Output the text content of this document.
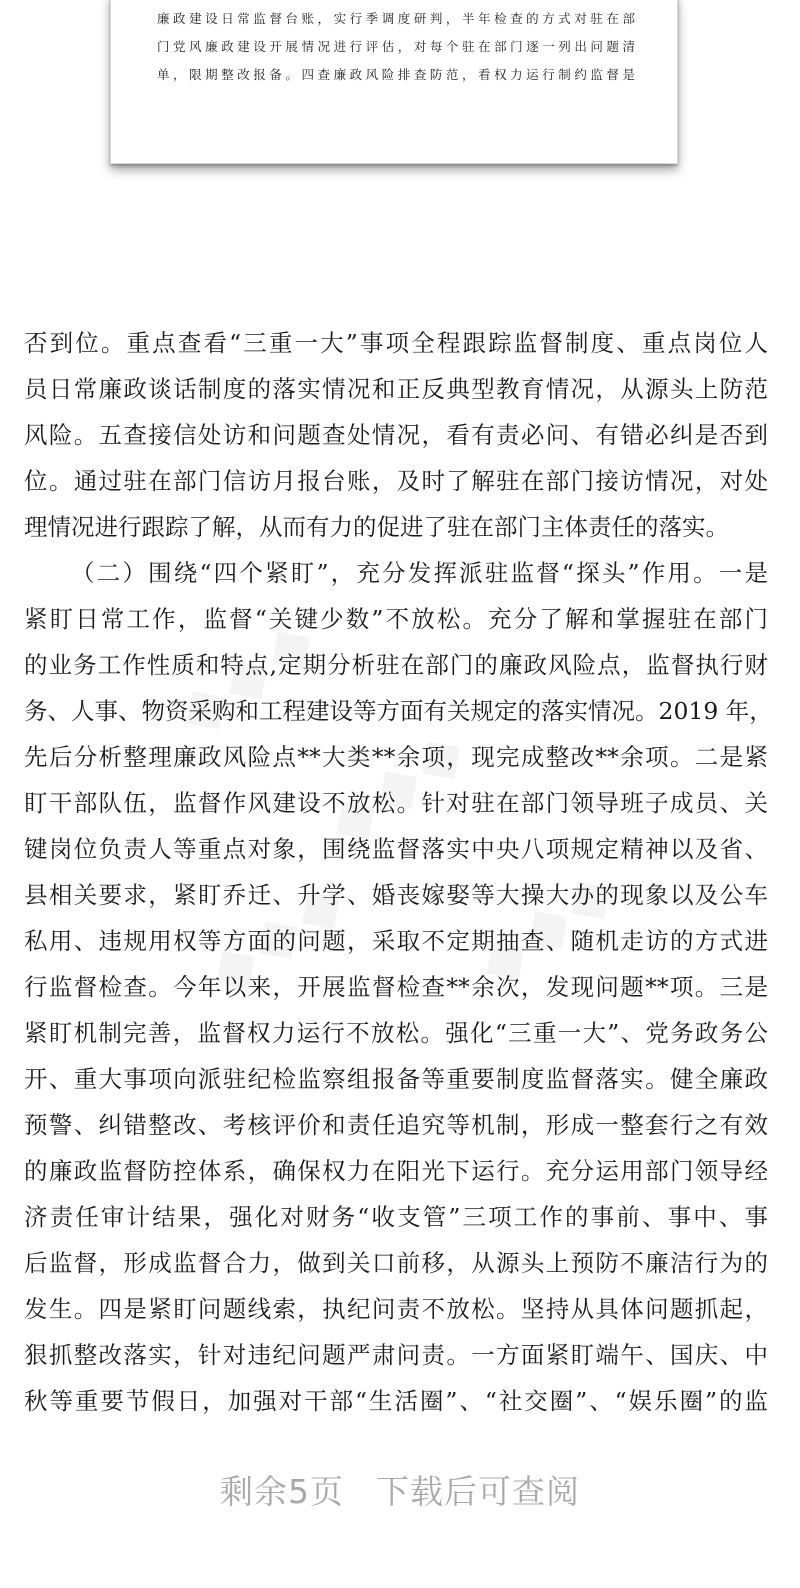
廉政建设日常监督台账，实行季调度研判，半年检查的方式对驻在部
门党风廉政建设开展情况进行评估，对每个驻在部门逐一列出问题清
单，限期整改报备。四查廉政风险排查防范，看权力运行制约监督是
否到位。重点查看“三重一大”事项全程跟踪监督制度、重点岗位人
员日常廉政谈话制度的落实情况和正反典型教育情况，从源头上防范
风险。五查接信处访和问题查处情况，看有责必问、有错必纠是否到
位。通过驻在部门信访月报台账，及时了解驻在部门接访情况，对处
理情况进行跟踪了解，从而有力的促进了驻在部门主体责任的落实。
（二）围绕“四个紧盯”，充分发挥派驻监督“探头”作用。一是
紧盯日常工作，监督“关键少数”不放松。充分了解和掌握驻在部门
的业务工作性质和特点,定期分析驻在部门的廉政风险点，监督执行财
务、人事、物资采购和工程建设等方面有关规定的落实情况。2019 年，
先后分析整理廉政风险点**大类**余项，现完成整改**余项。二是紧
盯干部队伍，监督作风建设不放松。针对驻在部门领导班子成员、关
键岗位负责人等重点对象，围绕监督落实中央八项规定精神以及省、
县相关要求，紧盯乔迁、升学、婚丧嫁娶等大操大办的现象以及公车
私用、违规用权等方面的问题，采取不定期抽查、随机走访的方式进
行监督检查。今年以来，开展监督检查**余次，发现问题**项。三是
紧盯机制完善，监督权力运行不放松。强化“三重一大”、党务政务公
开、重大事项向派驻纪检监察组报备等重要制度监督落实。健全廉政
预警、纠错整改、考核评价和责任追究等机制，形成一整套行之有效
的廉政监督防控体系，确保权力在阳光下运行。充分运用部门领导经
济责任审计结果，强化对财务“收支管”三项工作的事前、事中、事
后监督，形成监督合力，做到关口前移，从源头上预防不廉洁行为的
发生。四是紧盯问题线索，执纪问责不放松。坚持从具体问题抓起，
狠抓整改落实，针对违纪问题严肃问责。一方面紧盯端午、国庆、中
秋等重要节假日，加强对干部“生活圈”、“社交圈”、“娱乐圈”的监
剩余5页 下载后可查阅
